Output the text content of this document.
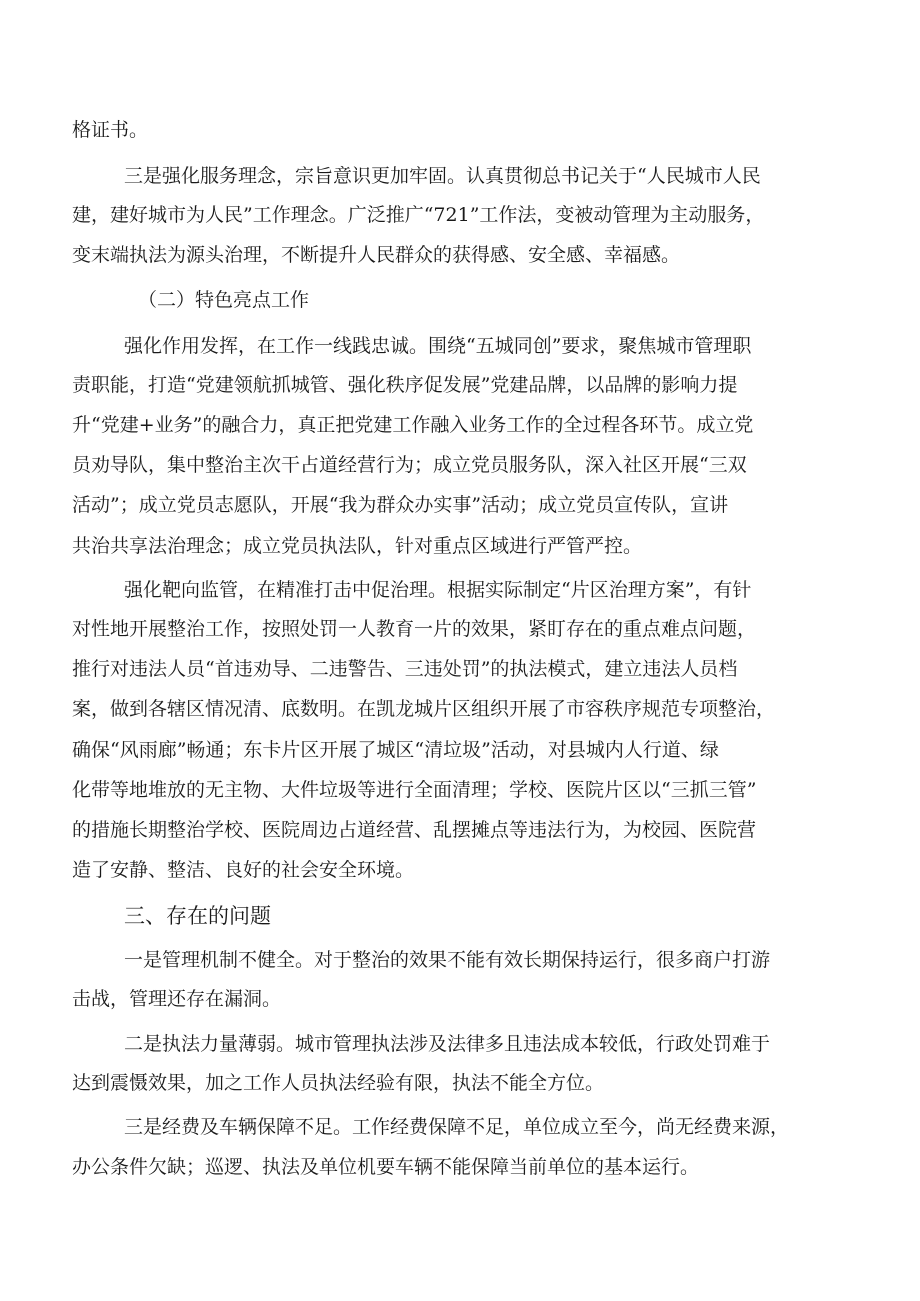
格证书。
三是强化服务理念，宗旨意识更加牢固。认真贯彻总书记关于“人民城市人民
建，建好城市为人民”工作理念。广泛推广“721”工作法，变被动管理为主动服务，
变末端执法为源头治理，不断提升人民群众的获得感、安全感、幸福感。
（二）特色亮点工作
强化作用发挥，在工作一线践忠诚。围绕“五城同创”要求，聚焦城市管理职
责职能，打造“党建领航抓城管、强化秩序促发展”党建品牌，以品牌的影响力提
升“党建+业务”的融合力，真正把党建工作融入业务工作的全过程各环节。成立党
员劝导队，集中整治主次干占道经营行为；成立党员服务队，深入社区开展“三双
活动”；成立党员志愿队，开展“我为群众办实事”活动；成立党员宣传队，宣讲
共治共享法治理念；成立党员执法队，针对重点区域进行严管严控。
强化靶向监管，在精准打击中促治理。根据实际制定“片区治理方案”，有针
对性地开展整治工作，按照处罚一人教育一片的效果，紧盯存在的重点难点问题，
推行对违法人员“首违劝导、二违警告、三违处罚”的执法模式，建立违法人员档
案，做到各辖区情况清、底数明。在凯龙城片区组织开展了市容秩序规范专项整治，
确保“风雨廊”畅通；东卡片区开展了城区“清垃圾”活动，对县城内人行道、绿
化带等地堆放的无主物、大件垃圾等进行全面清理；学校、医院片区以“三抓三管”
的措施长期整治学校、医院周边占道经营、乱摆摊点等违法行为，为校园、医院营
造了安静、整洁、良好的社会安全环境。
三、存在的问题
一是管理机制不健全。对于整治的效果不能有效长期保持运行，很多商户打游
击战，管理还存在漏洞。
二是执法力量薄弱。城市管理执法涉及法律多且违法成本较低，行政处罚难于
达到震慑效果，加之工作人员执法经验有限，执法不能全方位。
三是经费及车辆保障不足。工作经费保障不足，单位成立至今，尚无经费来源，
办公条件欠缺；巡逻、执法及单位机要车辆不能保障当前单位的基本运行。
